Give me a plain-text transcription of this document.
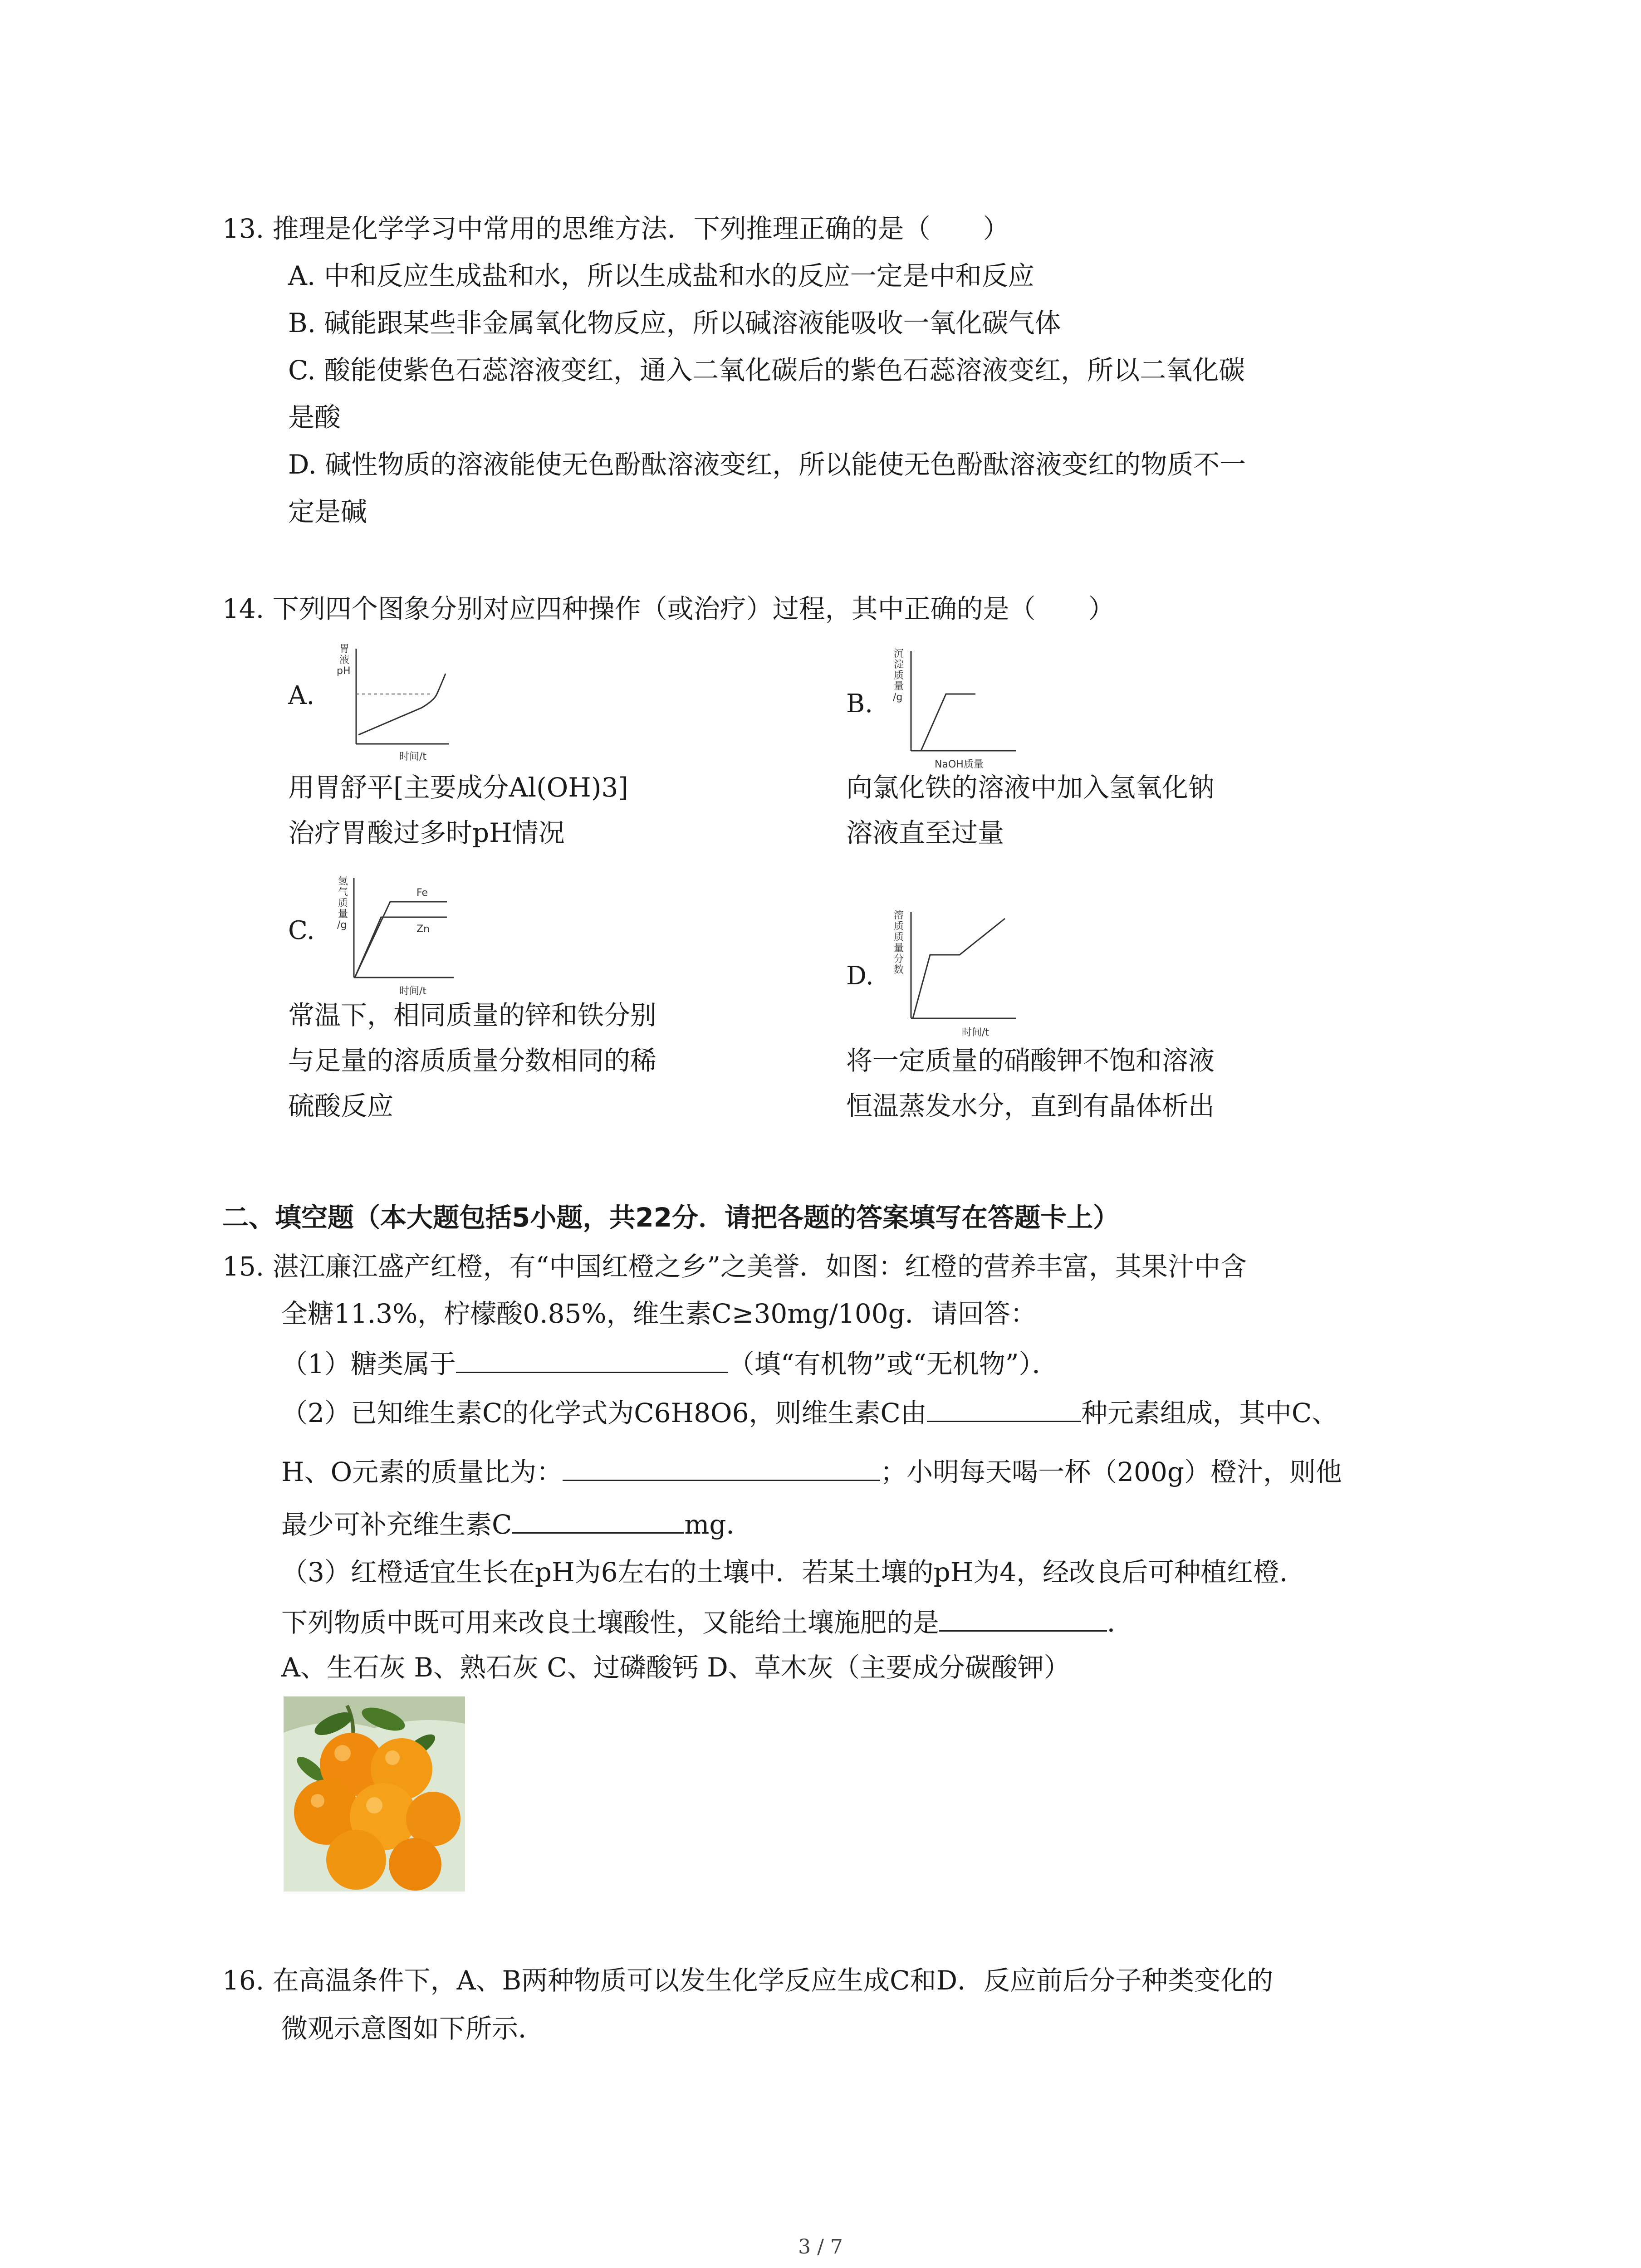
13. 推理是化学学习中常用的思维方法．下列推理正确的是（　　）
A. 中和反应生成盐和水，所以生成盐和水的反应一定是中和反应
B. 碱能跟某些非金属氧化物反应，所以碱溶液能吸收一氧化碳气体
C. 酸能使紫色石蕊溶液变红，通入二氧化碳后的紫色石蕊溶液变红，所以二氧化碳
是酸
D. 碱性物质的溶液能使无色酚酞溶液变红，所以能使无色酚酞溶液变红的物质不一
定是碱
14. 下列四个图象分别对应四种操作（或治疗）过程，其中正确的是（　　）
A.
胃
液
pH
时间/t
用胃舒平[主要成分Al(OH)3]
治疗胃酸过多时pH情况
B.
沉
淀
质
量
/g
NaOH质量
向氯化铁的溶液中加入氢氧化钠
溶液直至过量
C.
氢
气
质
量
/g
Fe
Zn
时间/t
常温下，相同质量的锌和铁分别
与足量的溶质质量分数相同的稀
硫酸反应
D.
溶
质
质
量
分
数
时间/t
将一定质量的硝酸钾不饱和溶液
恒温蒸发水分，直到有晶体析出
二、填空题（本大题包括5小题，共22分．请把各题的答案填写在答题卡上）
15. 湛江廉江盛产红橙，有“中国红橙之乡”之美誉．如图：红橙的营养丰富，其果汁中含
全糖11.3%，柠檬酸0.85%，维生素C≥30mg/100g．请回答：
（1）糖类属于	（填“有机物”或“无机物”）．
（2）已知维生素C的化学式为C6H8O6，则维生素C由	种元素组成，其中C、
H、O元素的质量比为：	；小明每天喝一杯（200g）橙汁，则他
最少可补充维生素C	mg．
（3）红橙适宜生长在pH为6左右的土壤中．若某土壤的pH为4，经改良后可种植红橙．
下列物质中既可用来改良土壤酸性，又能给土壤施肥的是	．
A、生石灰 B、熟石灰 C、过磷酸钙 D、草木灰（主要成分碳酸钾）
16. 在高温条件下，A、B两种物质可以发生化学反应生成C和D．反应前后分子种类变化的
微观示意图如下所示．
3 / 7
